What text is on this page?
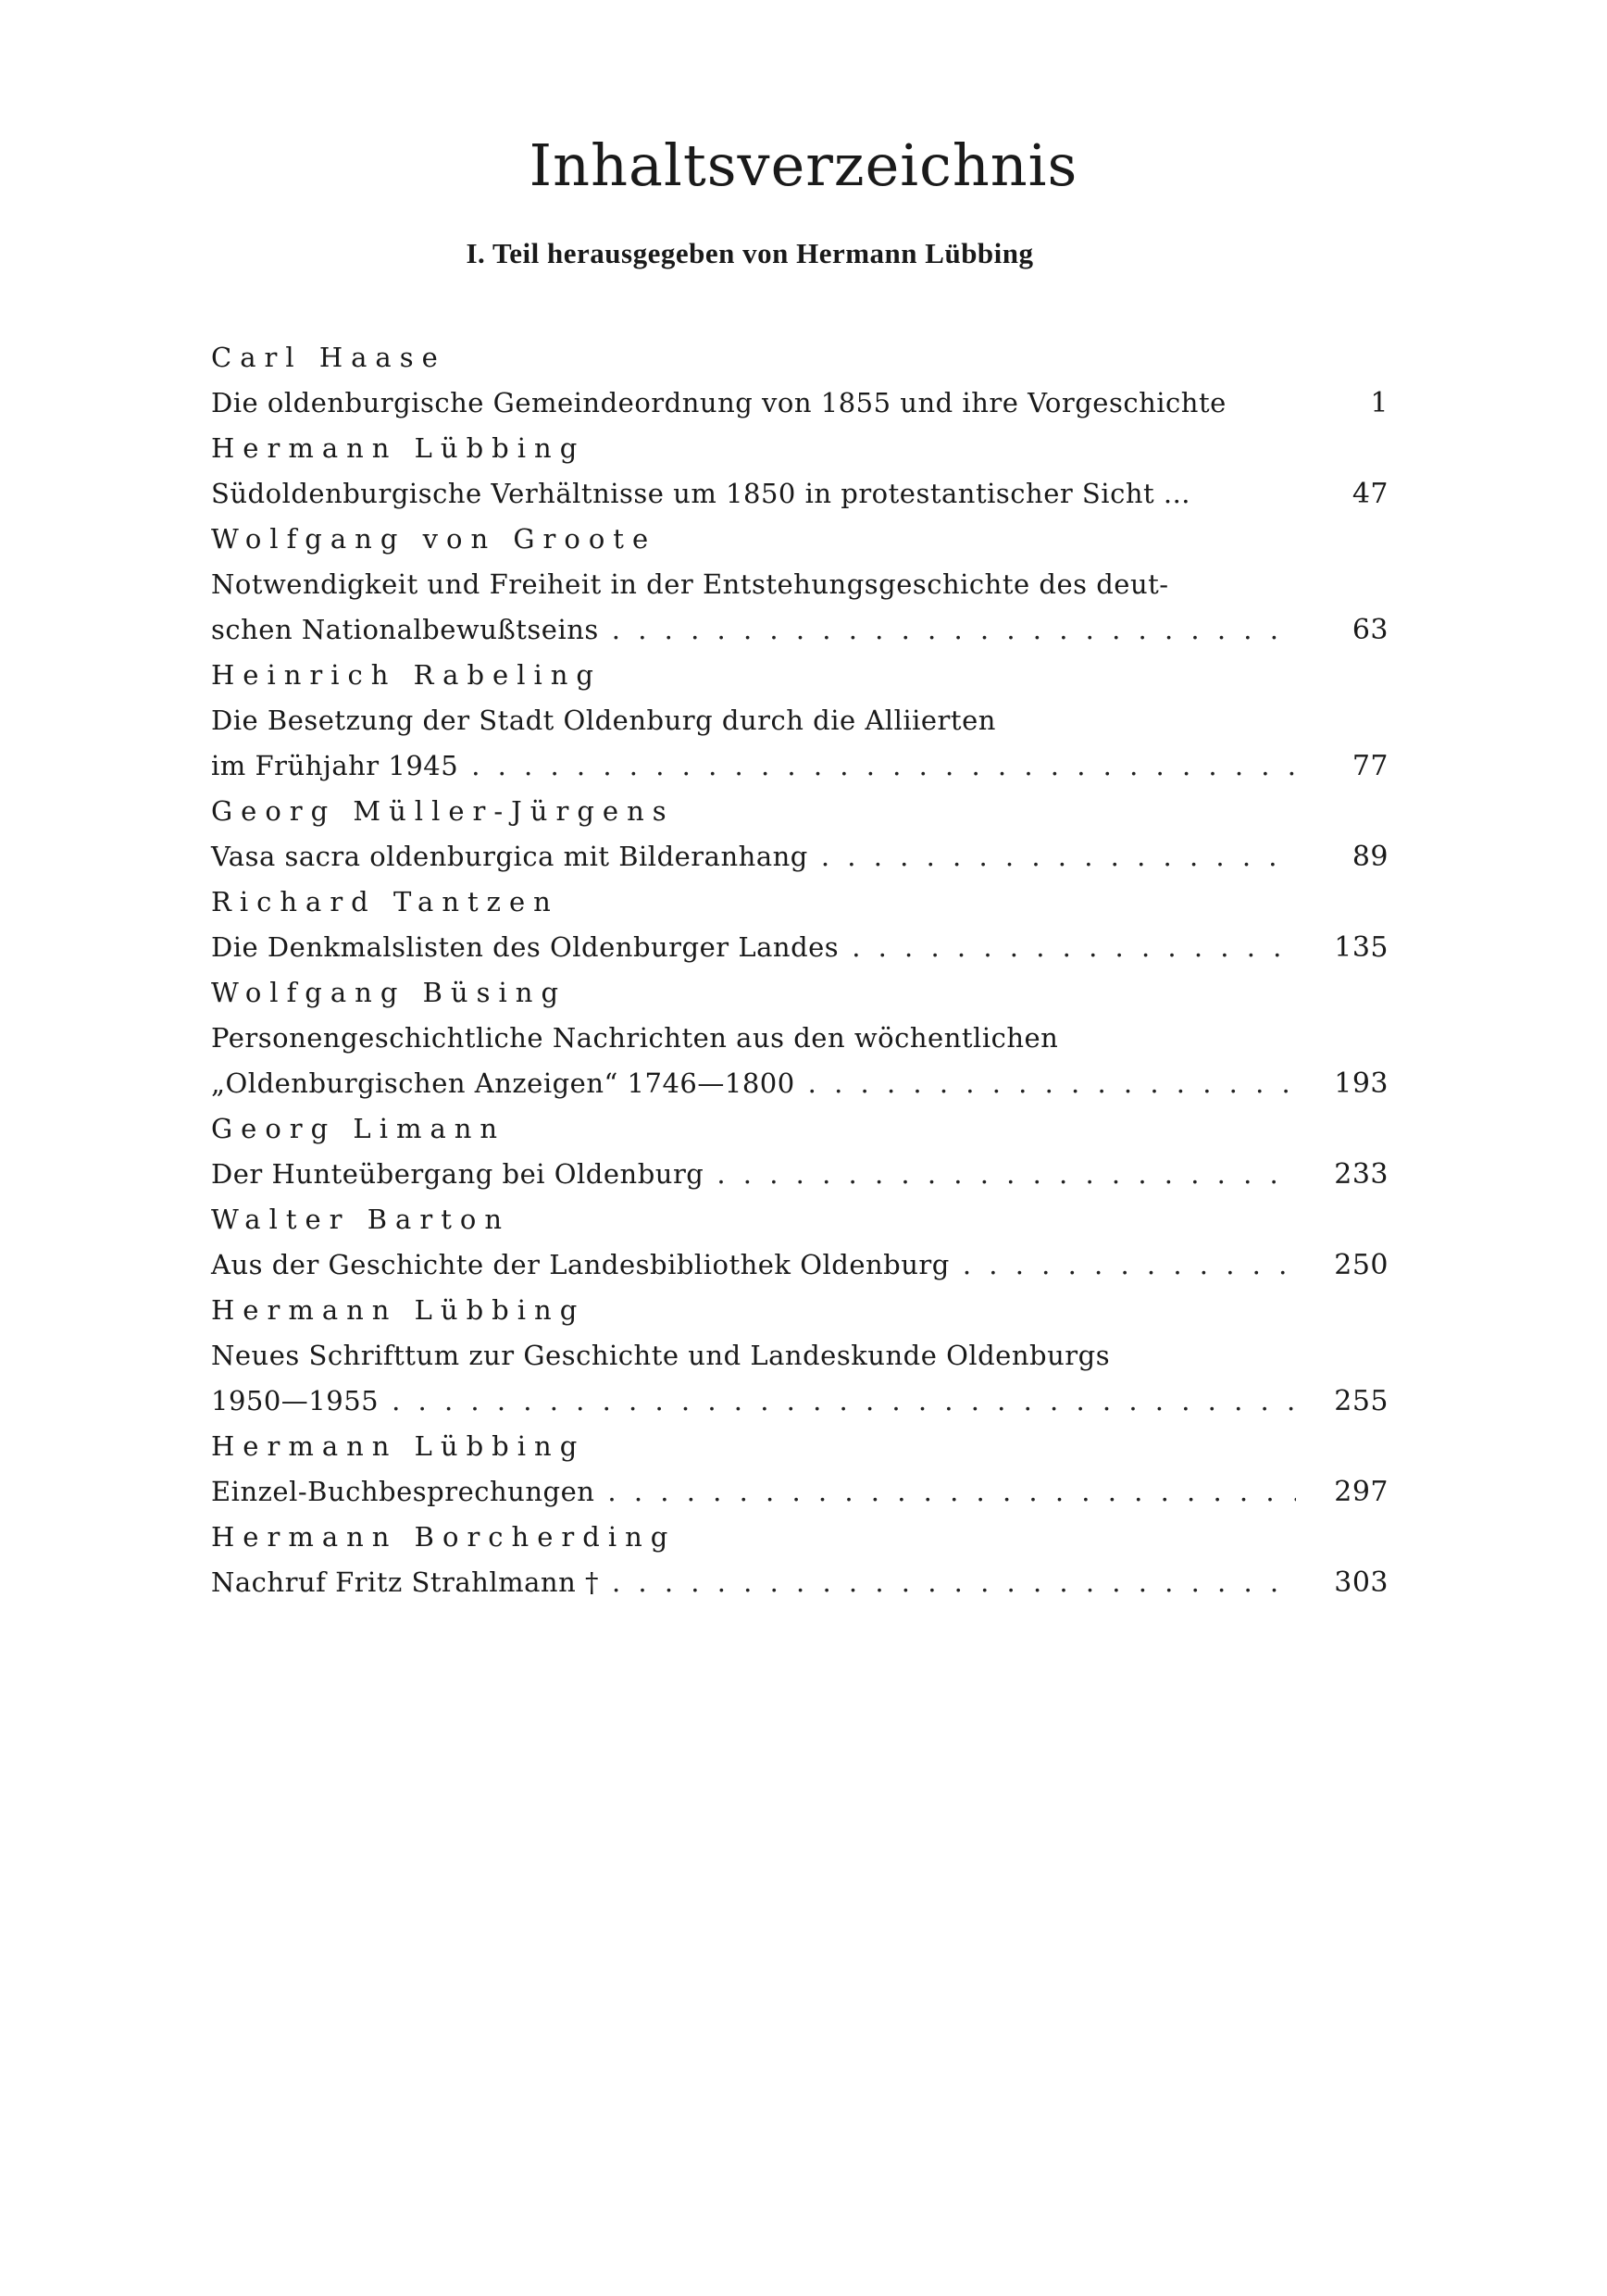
Inhaltsverzeichnis
I. Teil herausgegeben von Hermann Lübbing
Carl Haase
Die oldenburgische Gemeindeordnung von 1855 und ihre Vorgeschichte	1
Hermann Lübbing
Südoldenburgische Verhältnisse um 1850 in protestantischer Sicht ...	47
Wolfgang von Groote
Notwendigkeit und Freiheit in der Entstehungsgeschichte des deut-
schen Nationalbewußtseins . . .	63
Heinrich Rabeling
Die Besetzung der Stadt Oldenburg durch die Alliierten
im Frühjahr 1945 . . .	77
Georg Müller-Jürgens
Vasa sacra oldenburgica mit Bilderanhang . . .	89
Richard Tantzen
Die Denkmalslisten des Oldenburger Landes . . .	135
Wolfgang Büsing
Personengeschichtliche Nachrichten aus den wöchentlichen
„Oldenburgischen Anzeigen“ 1746—1800 . . .	193
Georg Limann
Der Hunteübergang bei Oldenburg . . .	233
Walter Barton
Aus der Geschichte der Landesbibliothek Oldenburg . . .	250
Hermann Lübbing
Neues Schrifttum zur Geschichte und Landeskunde Oldenburgs
1950—1955 . . .	255
Hermann Lübbing
Einzel-Buchbesprechungen . . .	297
Hermann Borcherding
Nachruf Fritz Strahlmann † . . .	303
